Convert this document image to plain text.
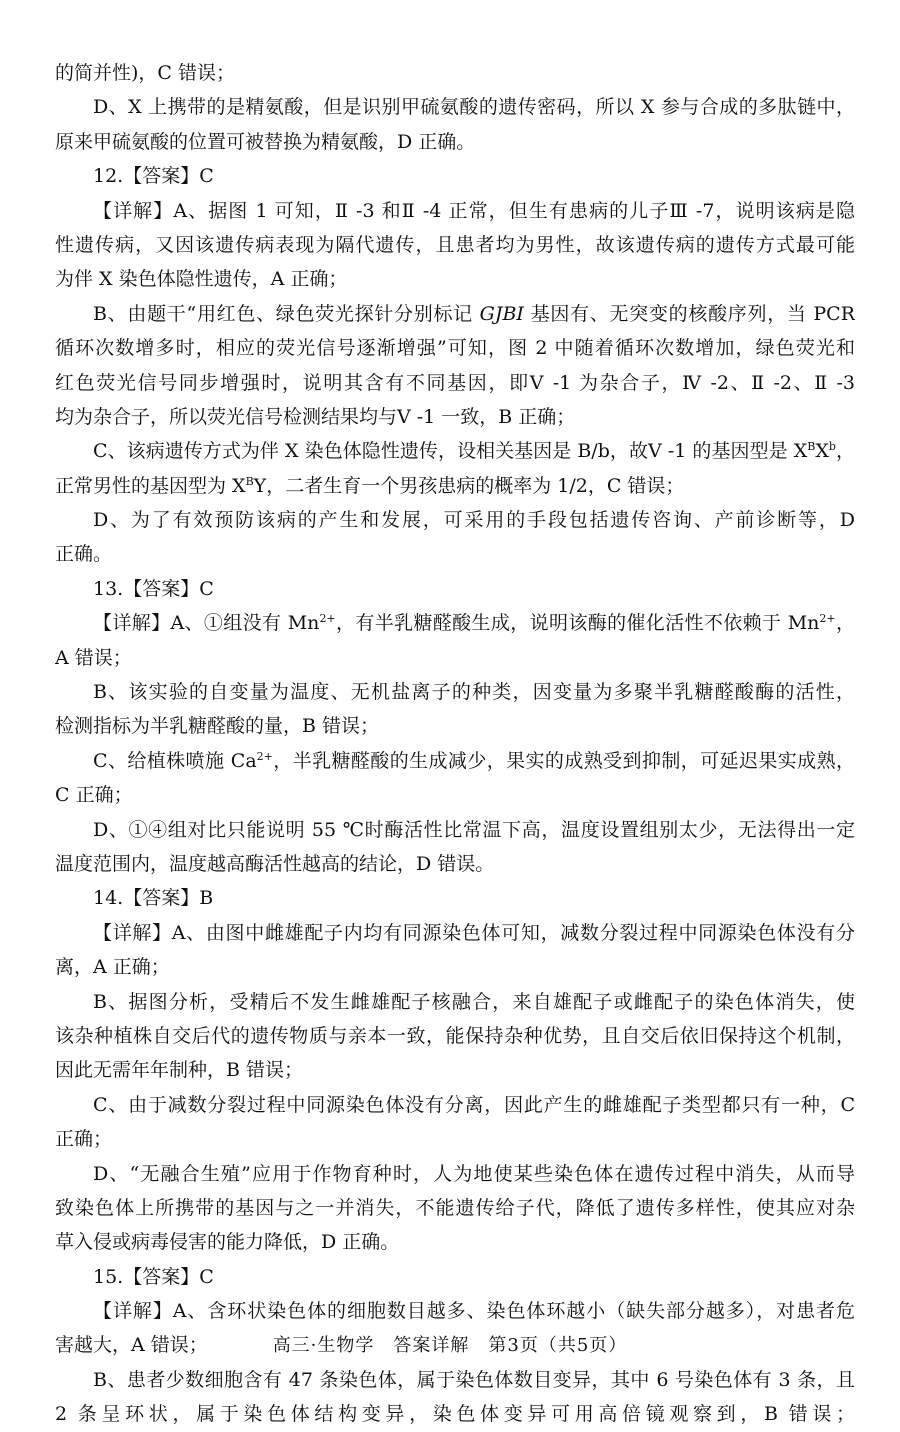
的简并性)，C 错误；
D、X 上携带的是精氨酸，但是识别甲硫氨酸的遗传密码，所以 X 参与合成的多肽链中，
原来甲硫氨酸的位置可被替换为精氨酸，D 正确。
12.【答案】C
【详解】A、据图 1 可知，Ⅱ -3 和Ⅱ -4 正常，但生有患病的儿子Ⅲ -7，说明该病是隐
性遗传病，又因该遗传病表现为隔代遗传，且患者均为男性，故该遗传病的遗传方式最可能
为伴 X 染色体隐性遗传，A 正确；
B、由题干“用红色、绿色荧光探针分别标记 GJBI 基因有、无突变的核酸序列，当 PCR
循环次数增多时，相应的荧光信号逐渐增强”可知，图 2 中随着循环次数增加，绿色荧光和
红色荧光信号同步增强时，说明其含有不同基因，即Ⅴ -1 为杂合子，Ⅳ -2、Ⅱ -2、Ⅱ -3
均为杂合子，所以荧光信号检测结果均与Ⅴ -1 一致，B 正确；
C、该病遗传方式为伴 X 染色体隐性遗传，设相关基因是 B/b，故Ⅴ -1 的基因型是 $X^BX^b$，
正常男性的基因型为 $X^BY$，二者生育一个男孩患病的概率为 1/2，C 错误；
D、为了有效预防该病的产生和发展，可采用的手段包括遗传咨询、产前诊断等，D
正确。
13.【答案】C
【详解】A、①组没有 $Mn^{2+}$，有半乳糖醛酸生成，说明该酶的催化活性不依赖于 $Mn^{2+}$，
A 错误；
B、该实验的自变量为温度、无机盐离子的种类，因变量为多聚半乳糖醛酸酶的活性，
检测指标为半乳糖醛酸的量，B 错误；
C、给植株喷施 $Ca^{2+}$，半乳糖醛酸的生成减少，果实的成熟受到抑制，可延迟果实成熟，
C 正确；
D、①④组对比只能说明 55 ℃时酶活性比常温下高，温度设置组别太少，无法得出一定
温度范围内，温度越高酶活性越高的结论，D 错误。
14.【答案】B
【详解】A、由图中雌雄配子内均有同源染色体可知，减数分裂过程中同源染色体没有分
离，A 正确；
B、据图分析，受精后不发生雌雄配子核融合，来自雄配子或雌配子的染色体消失，使
该杂种植株自交后代的遗传物质与亲本一致，能保持杂种优势，且自交后依旧保持这个机制，
因此无需年年制种，B 错误；
C、由于减数分裂过程中同源染色体没有分离，因此产生的雌雄配子类型都只有一种，C
正确；
D、“无融合生殖”应用于作物育种时，人为地使某些染色体在遗传过程中消失，从而导
致染色体上所携带的基因与之一并消失，不能遗传给子代，降低了遗传多样性，使其应对杂
草入侵或病毒侵害的能力降低，D 正确。
15.【答案】C
【详解】A、含环状染色体的细胞数目越多、染色体环越小（缺失部分越多），对患者危
害越大，A 错误；
B、患者少数细胞含有 47 条染色体，属于染色体数目变异，其中 6 号染色体有 3 条，且
2 条呈环状，属于染色体结构变异，染色体变异可用高倍镜观察到，B 错误；
高三·生物学　答案详解　第3页（共5页）
